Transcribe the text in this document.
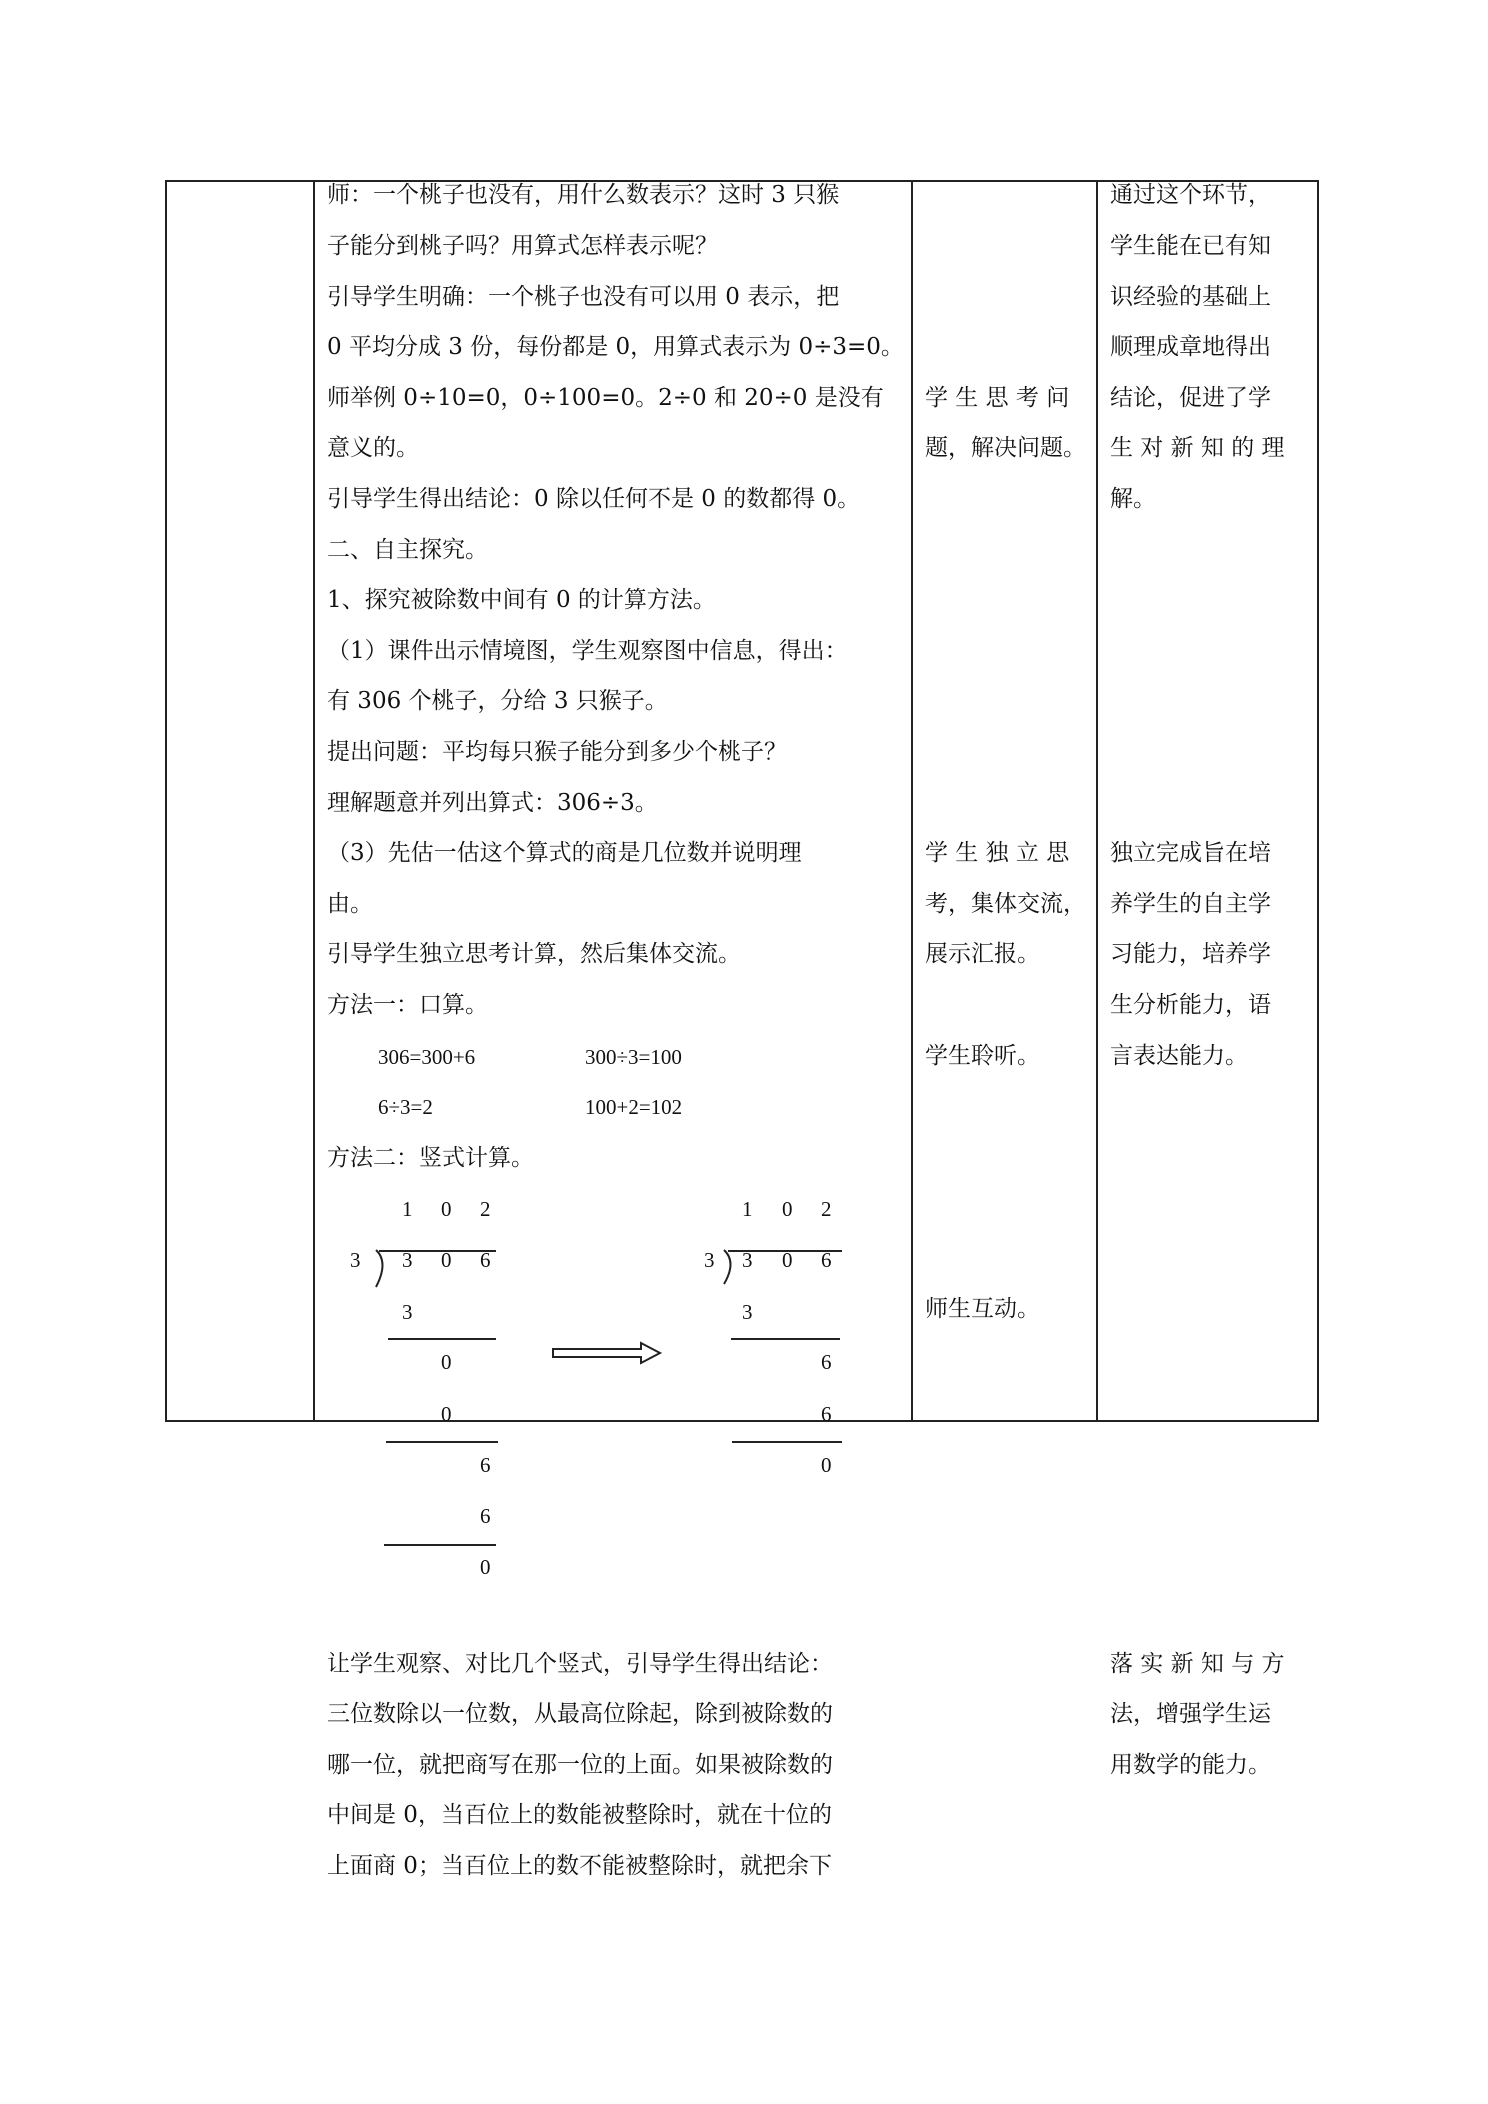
师：一个桃子也没有，用什么数表示？这时 3 只猴
子能分到桃子吗？用算式怎样表示呢？
引导学生明确：一个桃子也没有可以用 0 表示，把
0 平均分成 3 份，每份都是 0，用算式表示为 0÷3=0。
师举例 0÷10=0，0÷100=0。2÷0 和 20÷0 是没有
意义的。
引导学生得出结论：0 除以任何不是 0 的数都得 0。
二、自主探究。
1、探究被除数中间有 0 的计算方法。
（1）课件出示情境图，学生观察图中信息，得出：
有 306 个桃子，分给 3 只猴子。
提出问题：平均每只猴子能分到多少个桃子？
理解题意并列出算式：306÷3。
（3）先估一估这个算式的商是几位数并说明理
由。
引导学生独立思考计算，然后集体交流。
方法一：口算。
306=300+6	300÷3=100
6÷3=2	100+2=102
方法二：竖式计算。
1 0 2
3 3 0 6
3
0
0
6
6
0
1 0 2
3 3 0 6
3
6
6
0
让学生观察、对比几个竖式，引导学生得出结论：
三位数除以一位数，从最高位除起，除到被除数的
哪一位，就把商写在那一位的上面。如果被除数的
中间是 0，当百位上的数能被整除时，就在十位的
上面商 0；当百位上的数不能被整除时，就把余下
学 生 思 考 问
题，解决问题。
学 生 独 立 思
考，集体交流，
展示汇报。
学生聆听。
师生互动。
通过这个环节，
学生能在已有知
识经验的基础上
顺理成章地得出
结论，促进了学
生 对 新 知 的 理
解。
独立完成旨在培
养学生的自主学
习能力，培养学
生分析能力，语
言表达能力。
落 实 新 知 与 方
法，增强学生运
用数学的能力。
